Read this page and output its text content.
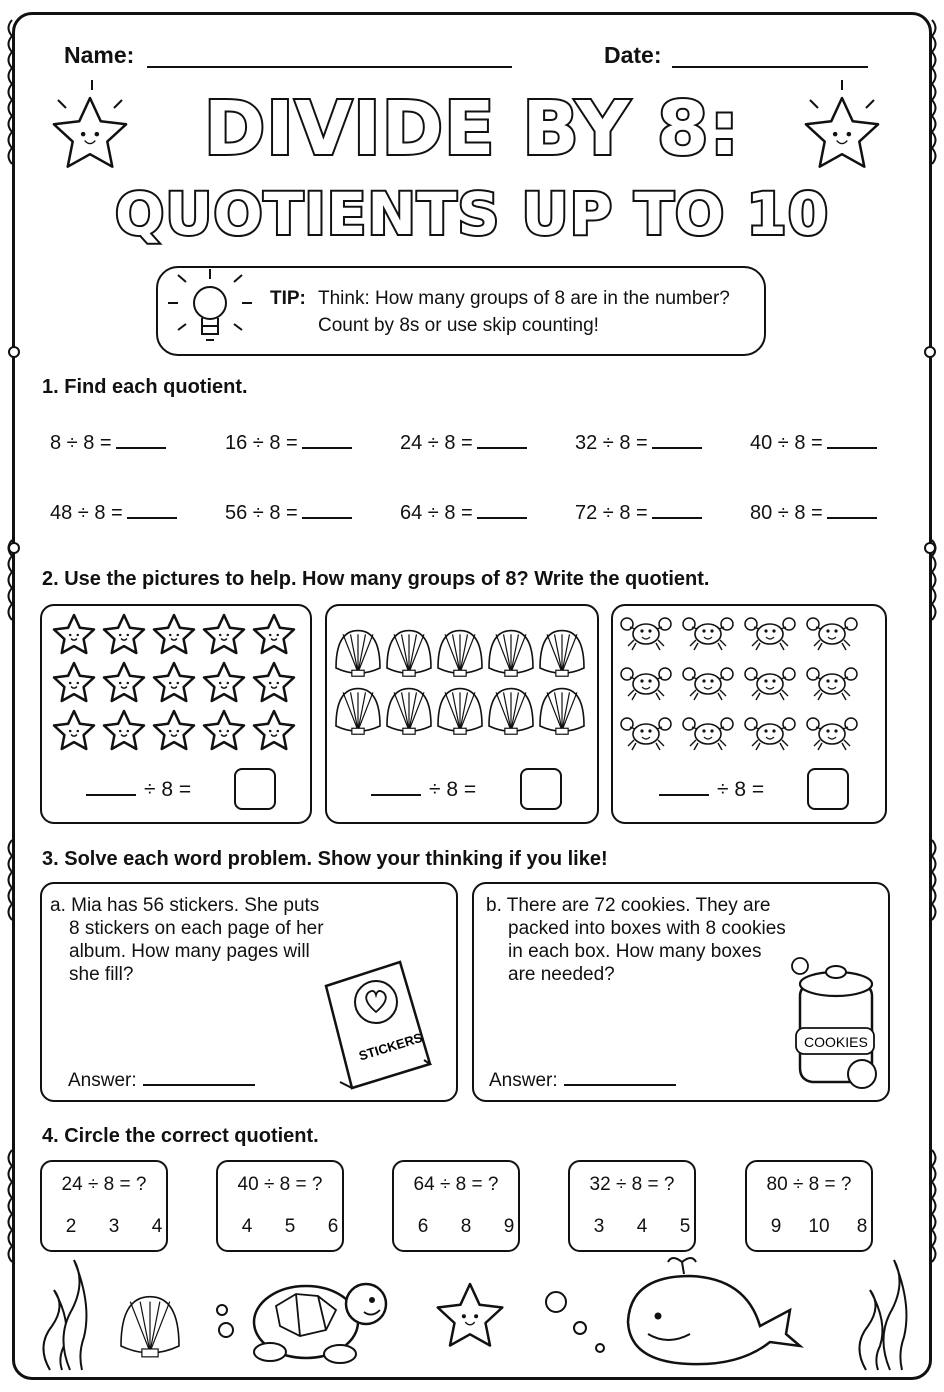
STICKERS	COOKIES
Name:	Date:
DIVIDE BY 8:
QUOTIENTS UP TO 10
TIP: Think: How many groups of 8 are in the number?
Count by 8s or use skip counting!
1. Find each quotient.
8 ÷ 8 =	16 ÷ 8 =	24 ÷ 8 =	32 ÷ 8 =	40 ÷ 8 =
48 ÷ 8 =	56 ÷ 8 =	64 ÷ 8 =	72 ÷ 8 =	80 ÷ 8 =
2. Use the pictures to help. How many groups of 8? Write the quotient.
÷ 8 =	÷ 8 =	÷ 8 =
3. Solve each word problem. Show your thinking if you like!
a. Mia has 56 stickers. She puts
8 stickers on each page of her
album. How many pages will
she fill?
Answer:
b. There are 72 cookies. They are
packed into boxes with 8 cookies
in each box. How many boxes
are needed?
Answer:
4. Circle the correct quotient.
24 ÷ 8 = ?
2	3	4
40 ÷ 8 = ?
4	5	6
64 ÷ 8 = ?
6	8	9
32 ÷ 8 = ?
3	4	5
80 ÷ 8 = ?
9	10	8
